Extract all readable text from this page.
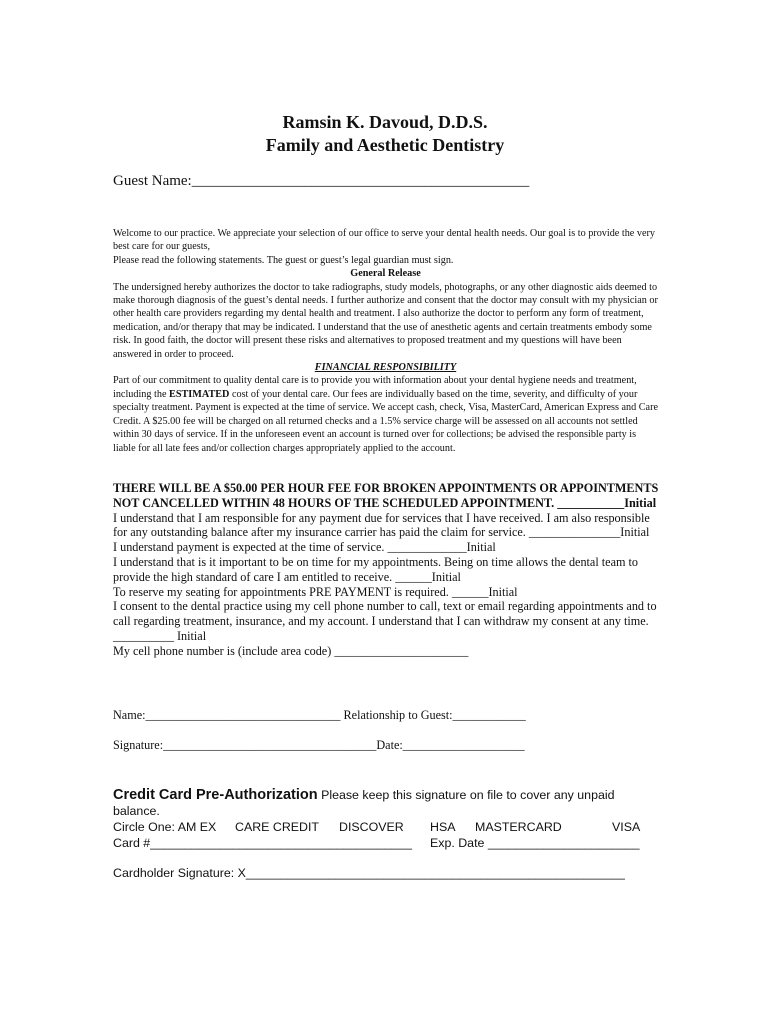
Ramsin K. Davoud, D.D.S.
Family and Aesthetic Dentistry
Guest Name:_____________________________________________

Welcome to our practice. We appreciate your selection of our office to serve your dental health needs. Our goal is to provide the very best care for our guests,

Please read the following statements. The guest or guest’s legal guardian must sign.

General Release

The undersigned hereby authorizes the doctor to take radiographs, study models, photographs, or any other diagnostic aids deemed to make thorough diagnosis of the guest’s dental needs. I further authorize and consent that the doctor may consult with my physician or other health care providers regarding my dental health and treatment. I also authorize the doctor to perform any form of treatment, medication, and/or therapy that may be indicated. I understand that the use of anesthetic agents and certain treatments embody some risk. In good faith, the doctor will present these risks and alternatives to proposed treatment and my questions will have been answered in order to proceed.

FINANCIAL RESPONSIBILITY

Part of our commitment to quality dental care is to provide you with information about your dental hygiene needs and treatment, including the ESTIMATED cost of your dental care. Our fees are individually based on the time, severity, and difficulty of your specialty treatment. Payment is expected at the time of service. We accept cash, check, Visa, MasterCard, American Express and Care Credit. A $25.00 fee will be charged on all returned checks and a 1.5% service charge will be assessed on all accounts not settled within 30 days of service. If in the unforeseen event an account is turned over for collections; be advised the responsible party is liable for all late fees and/or collection charges appropriately applied to the account.

THERE WILL BE A $50.00 PER HOUR FEE FOR BROKEN APPOINTMENTS OR APPOINTMENTS NOT CANCELLED WITHIN 48 HOURS OF THE SCHEDULED APPOINTMENT. ___________Initial

I understand that I am responsible for any payment due for services that I have received. I am also responsible for any outstanding balance after my insurance carrier has paid the claim for service. _______________Initial

I understand payment is expected at the time of service. _____________Initial

I understand that is it important to be on time for my appointments. Being on time allows the dental team to provide the high standard of care I am entitled to receive. ______Initial

To reserve my seating for appointments PRE PAYMENT is required. ______Initial

I consent to the dental practice using my cell phone number to call, text or email regarding appointments and to call regarding treatment, insurance, and my account. I understand that I can withdraw my consent at any time. __________ Initial

My cell phone number is (include area code) ______________________

Name:________________________________ Relationship to Guest:____________
Signature:___________________________________Date:____________________
Credit Card Pre-Authorization Please keep this signature on file to cover any unpaid balance.
Circle One: AM EX CARE CREDIT DISCOVER HSA MASTERCARD	VISA
Card #______________________________________ Exp. Date ______________________
Cardholder Signature: X_______________________________________________________
